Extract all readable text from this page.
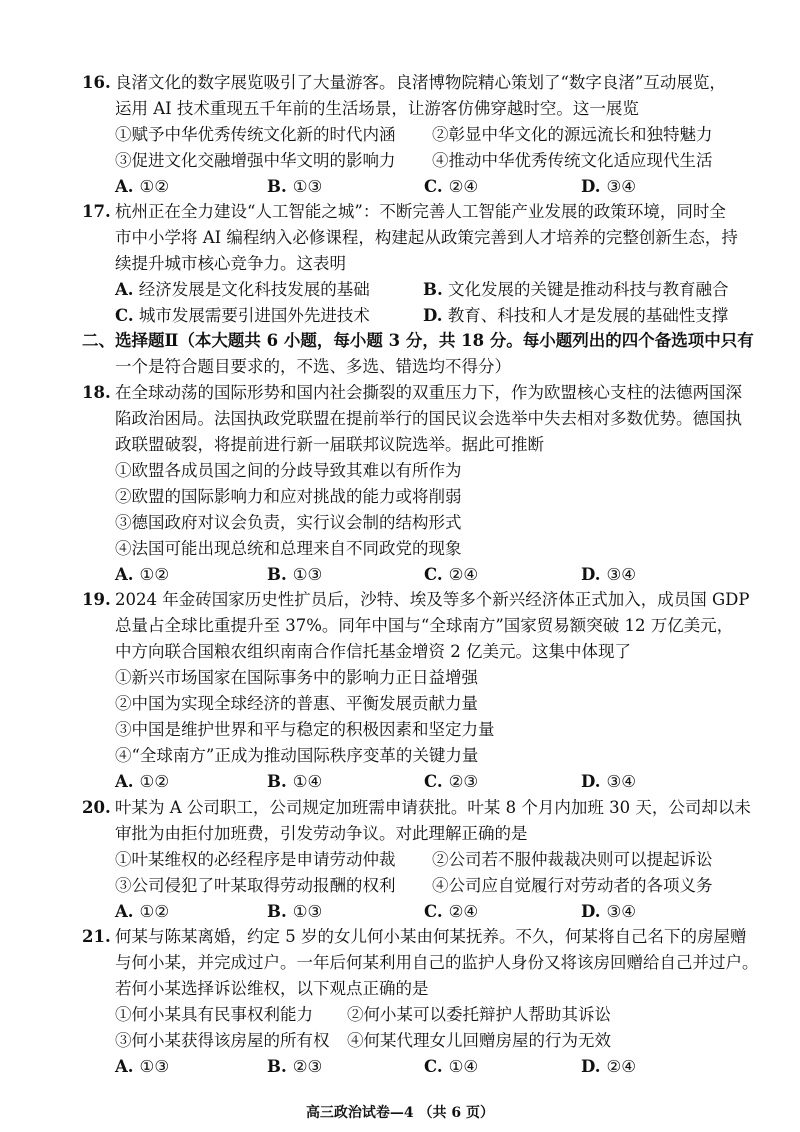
16. 良渚文化的数字展览吸引了大量游客。良渚博物院精心策划了“数字良渚”互动展览，
运用 AI 技术重现五千年前的生活场景，让游客仿佛穿越时空。这一展览
①赋予中华优秀传统文化新的时代内涵 ②彰显中华文化的源远流长和独特魅力
③促进文化交融增强中华文明的影响力 ④推动中华优秀传统文化适应现代生活
A. ①②	B. ①③	C. ②④	D. ③④
17. 杭州正在全力建设“人工智能之城”：不断完善人工智能产业发展的政策环境，同时全
市中小学将 AI 编程纳入必修课程，构建起从政策完善到人才培养的完整创新生态，持
续提升城市核心竞争力。这表明
A. 经济发展是文化科技发展的基础	B. 文化发展的关键是推动科技与教育融合
C. 城市发展需要引进国外先进技术	D. 教育、科技和人才是发展的基础性支撑
二、 选择题Ⅱ（本大题共 6 小题，每小题 3 分，共 18 分。每小题列出的四个备选项中只有
一个是符合题目要求的，不选、多选、错选均不得分）
18. 在全球动荡的国际形势和国内社会撕裂的双重压力下，作为欧盟核心支柱的法德两国深
陷政治困局。法国执政党联盟在提前举行的国民议会选举中失去相对多数优势。德国执
政联盟破裂，将提前进行新一届联邦议院选举。据此可推断
①欧盟各成员国之间的分歧导致其难以有所作为
②欧盟的国际影响力和应对挑战的能力或将削弱
③德国政府对议会负责，实行议会制的结构形式
④法国可能出现总统和总理来自不同政党的现象
A. ①②	B. ①③	C. ②④	D. ③④
19. 2024 年金砖国家历史性扩员后，沙特、埃及等多个新兴经济体正式加入，成员国 GDP
总量占全球比重提升至 37%。同年中国与“全球南方”国家贸易额突破 12 万亿美元，
中方向联合国粮农组织南南合作信托基金增资 2 亿美元。这集中体现了
①新兴市场国家在国际事务中的影响力正日益增强
②中国为实现全球经济的普惠、平衡发展贡献力量
③中国是维护世界和平与稳定的积极因素和坚定力量
④“全球南方”正成为推动国际秩序变革的关键力量
A. ①②	B. ①④	C. ②③	D. ③④
20. 叶某为 A 公司职工，公司规定加班需申请获批。叶某 8 个月内加班 30 天，公司却以未
审批为由拒付加班费，引发劳动争议。对此理解正确的是
①叶某维权的必经程序是申请劳动仲裁 ②公司若不服仲裁裁决则可以提起诉讼
③公司侵犯了叶某取得劳动报酬的权利 ④公司应自觉履行对劳动者的各项义务
A. ①②	B. ①③	C. ②④	D. ③④
21. 何某与陈某离婚，约定 5 岁的女儿何小某由何某抚养。不久，何某将自己名下的房屋赠
与何小某，并完成过户。一年后何某利用自己的监护人身份又将该房回赠给自己并过户。
若何小某选择诉讼维权，以下观点正确的是
①何小某具有民事权利能力 ②何小某可以委托辩护人帮助其诉讼
③何小某获得该房屋的所有权 ④何某代理女儿回赠房屋的行为无效
A. ①③	B. ②③	C. ①④	D. ②④
高三政治试卷—4 （共 6 页）
